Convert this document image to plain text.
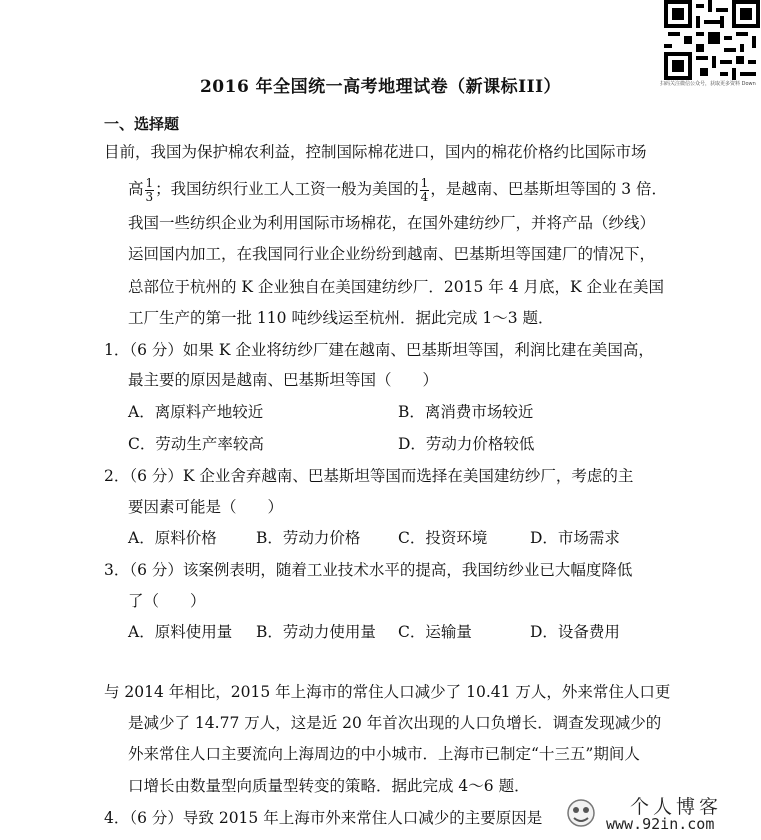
扫码关注微信公众号，获取更多资料 Down
2016 年全国统一高考地理试卷（新课标III）
一、选择题
目前，我国为保护棉农利益，控制国际棉花进口，国内的棉花价格约比国际市场
高 $\frac{1}{3}$ ；我国纺织行业工人工资一般为美国的 $\frac{1}{4}$ ，是越南、巴基斯坦等国的 3 倍．
我国一些纺织企业为利用国际市场棉花，在国外建纺纱厂，并将产品（纱线）
运回国内加工，在我国同行业企业纷纷到越南、巴基斯坦等国建厂的情况下，
总部位于杭州的 K 企业独自在美国建纺纱厂．2015 年 4 月底，K 企业在美国
工厂生产的第一批 110 吨纱线运至杭州．据此完成 1～3 题．
1．（6 分）如果 K 企业将纺纱厂建在越南、巴基斯坦等国，利润比建在美国高，
最主要的原因是越南、巴基斯坦等国（　　）
A．离原料产地较近	B．离消费市场较近
C．劳动生产率较高	D．劳动力价格较低
2．（6 分）K 企业舍弃越南、巴基斯坦等国而选择在美国建纺纱厂，考虑的主
要因素可能是（　　）
A．原料价格	B．劳动力价格 C．投资环境	D．市场需求
3．（6 分）该案例表明，随着工业技术水平的提高，我国纺纱业已大幅度降低
了（　　）
A．原料使用量 B．劳动力使用量 C．运输量	D．设备费用
与 2014 年相比，2015 年上海市的常住人口减少了 10.41 万人，外来常住人口更
是减少了 14.77 万人，这是近 20 年首次出现的人口负增长．调查发现减少的
外来常住人口主要流向上海周边的中小城市．上海市已制定“十三五”期间人
口增长由数量型向质量型转变的策略．据此完成 4～6 题．
4．（6 分）导致 2015 年上海市外来常住人口减少的主要原因是	个人博客
www.92in.com
